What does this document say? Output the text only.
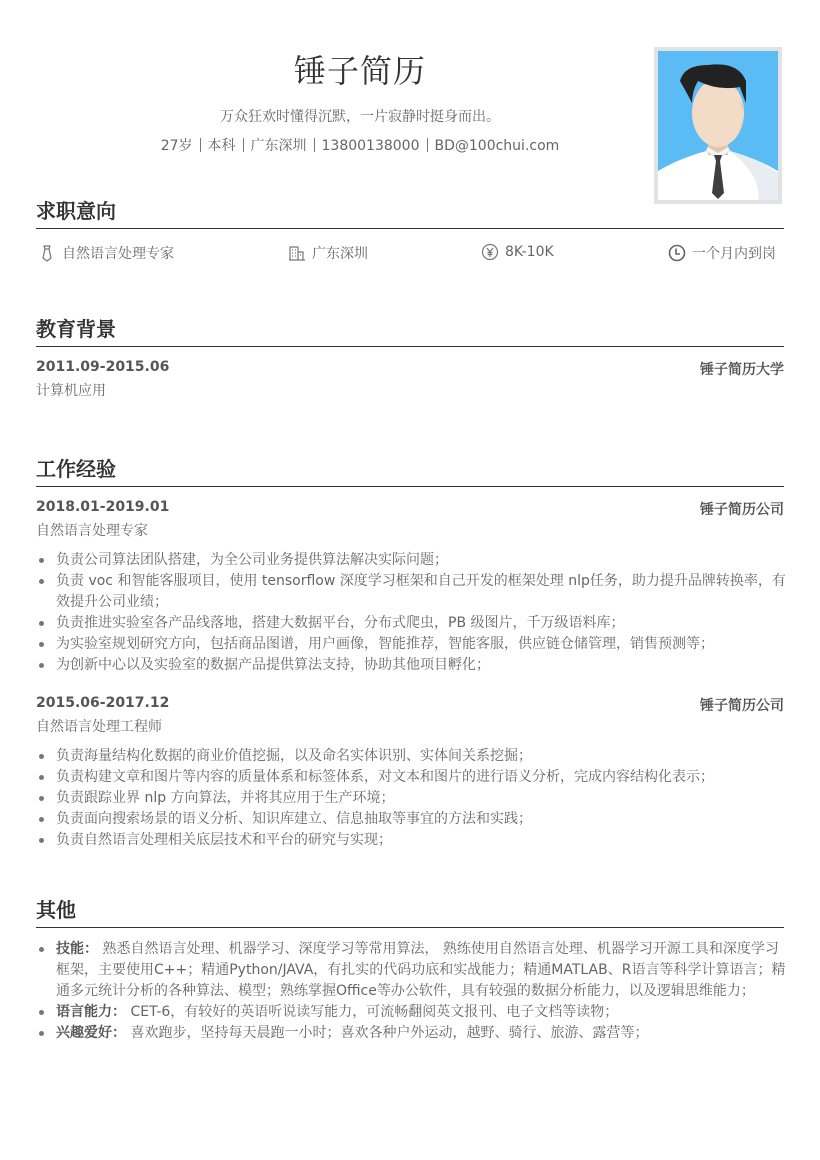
锤子简历
万众狂欢时懂得沉默，一片寂静时挺身而出。
27岁 本科 广东深圳 13800138000 BD@100chui.com
求职意向
自然语言处理专家	广东深圳	8K-10K	一个月内到岗
教育背景
2011.09-2015.06	锤子简历大学
计算机应用
工作经验
2018.01-2019.01	锤子简历公司
自然语言处理专家
负责公司算法团队搭建，为全公司业务提供算法解决实际问题；
负责 voc 和智能客服项目，使用 tensorflow 深度学习框架和自己开发的框架处理 nlp任务，助力提升品牌转换率，有效提升公司业绩；
负责推进实验室各产品线落地，搭建大数据平台，分布式爬虫，PB 级图片，千万级语料库；
为实验室规划研究方向，包括商品图谱，用户画像，智能推荐，智能客服，供应链仓储管理，销售预测等；
为创新中心以及实验室的数据产品提供算法支持，协助其他项目孵化；
2015.06-2017.12	锤子简历公司
自然语言处理工程师
负责海量结构化数据的商业价值挖掘，以及命名实体识别、实体间关系挖掘；
负责构建文章和图片等内容的质量体系和标签体系，对文本和图片的进行语义分析，完成内容结构化表示；
负责跟踪业界 nlp 方向算法，并将其应用于生产环境；
负责面向搜索场景的语义分析、知识库建立、信息抽取等事宜的方法和实践；
负责自然语言处理相关底层技术和平台的研究与实现；
其他
技能： 熟悉自然语言处理、机器学习、深度学习等常用算法， 熟练使用自然语言处理、机器学习开源工具和深度学习框架，主要使用C++；精通Python/JAVA，有扎实的代码功底和实战能力；精通MATLAB、R语言等科学计算语言；精通多元统计分析的各种算法、模型；熟练掌握Office等办公软件，具有较强的数据分析能力，以及逻辑思维能力；
语言能力： CET-6，有较好的英语听说读写能力，可流畅翻阅英文报刊、电子文档等读物；
兴趣爱好： 喜欢跑步，坚持每天晨跑一小时；喜欢各种户外运动，越野、骑行、旅游、露营等；
